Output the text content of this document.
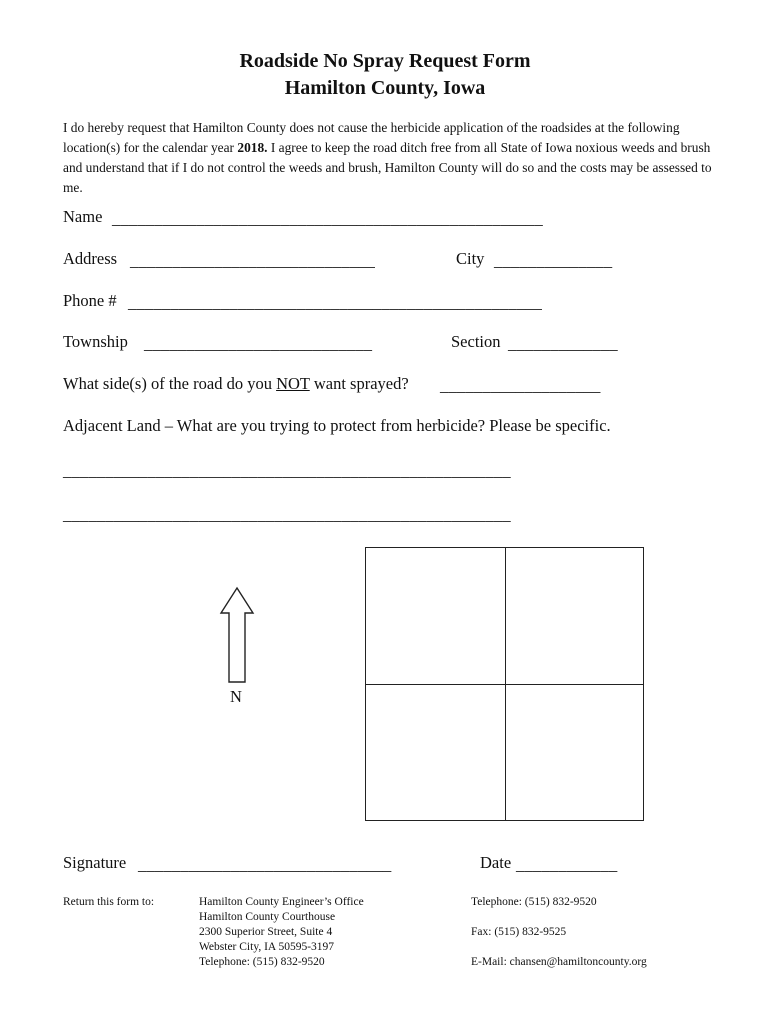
Roadside No Spray Request Form
Hamilton County, Iowa
I do hereby request that Hamilton County does not cause the herbicide application of the roadsides at the following location(s) for the calendar year 2018. I agree to keep the road ditch free from all State of Iowa noxious weeds and brush and understand that if I do not control the weeds and brush, Hamilton County will do so and the costs may be assessed to me.
Name ___________________________________________________
Address _____________________________	City ______________
Phone # _________________________________________________
Township ___________________________	Section _____________
What side(s) of the road do you NOT want sprayed? ___________________
Adjacent Land – What are you trying to protect from herbicide? Please be specific.
_____________________________________________________
_____________________________________________________
N
Signature ______________________________	Date ____________
Return this form to:	Hamilton County Engineer’s Office
Hamilton County Courthouse
2300 Superior Street, Suite 4
Webster City, IA 50595-3197
Telephone: (515) 832-9520
Telephone: (515) 832-9520
Fax: (515) 832-9525
E-Mail: chansen@hamiltoncounty.org
